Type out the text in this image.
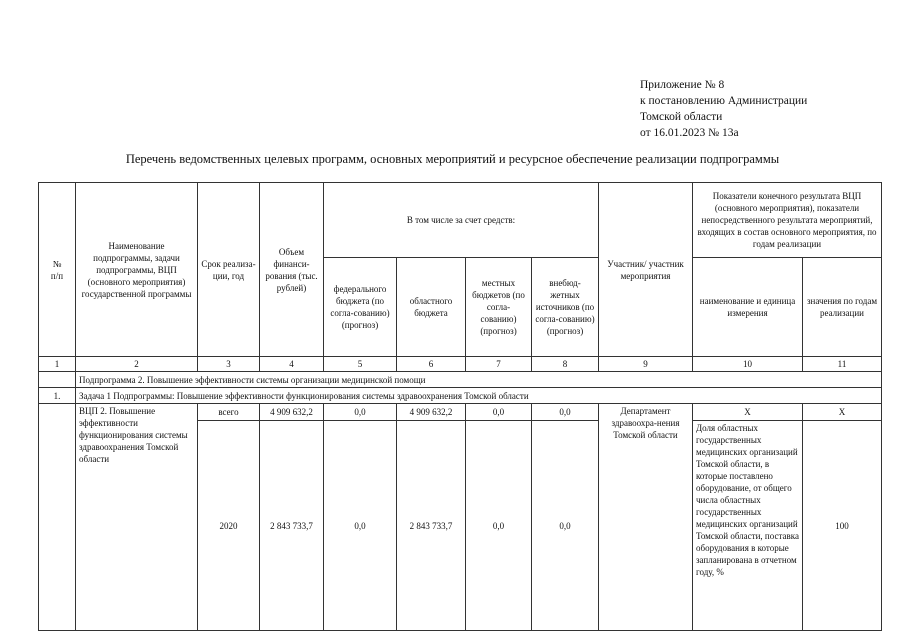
Приложение № 8
к постановлению Администрации
Томской области
от 16.01.2023 № 13а
Перечень ведомственных целевых программ, основных мероприятий и ресурсное обеспечение реализации подпрограммы
№
п/п	Наименование подпрограммы, задачи подпрограммы, ВЦП (основного мероприятия) государственной программы	Срок реализа-ции, год	Объем финанси-рования (тыс. рублей)	В том числе за счет средств:				Участник/ участник мероприятия	Показатели конечного результата ВЦП (основного мероприятия), показатели непосредственного результата мероприятий, входящих в состав основного мероприятия, по годам реализации	
				федерального бюджета (по согла-сованию) (прогноз)	областного бюджета	местных бюджетов (по согла-сованию) (прогноз)	внебюд-жетных источников (по согла-сованию) (прогноз)		наименование и единица измерения	значения по годам реализации
1	2	3	4	5	6	7	8	9	10	11
	Подпрограмма 2. Повышение эффективности системы организации медицинской помощи									
1.	Задача 1 Подпрограммы: Повышение эффективности функционирования системы здравоохранения Томской области									
	ВЦП 2. Повышение эффективности функционирования системы здравоохранения Томской области	всего	4 909 632,2	0,0	4 909 632,2	0,0	0,0	Департамент здравоохра-нения Томской области	Х	Х
		2020	2 843 733,7	0,0	2 843 733,7	0,0	0,0		Доля областных государственных медицинских организаций Томской области, в которые поставлено оборудование, от общего числа областных государственных медицинских организаций Томской области, поставка оборудования в которые запланирована в отчетном году, %	100
